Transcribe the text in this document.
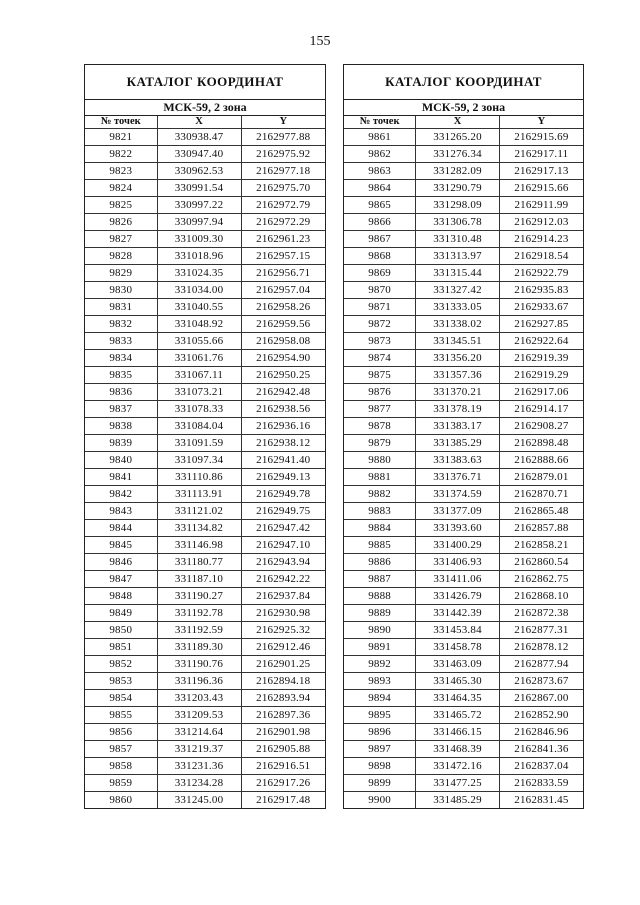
155
КАТАЛОГ КООРДИНАТ
МСК-59, 2 зона
№ точек	X	Y
9821	330938.47	2162977.88
9822	330947.40	2162975.92
9823	330962.53	2162977.18
9824	330991.54	2162975.70
9825	330997.22	2162972.79
9826	330997.94	2162972.29
9827	331009.30	2162961.23
9828	331018.96	2162957.15
9829	331024.35	2162956.71
9830	331034.00	2162957.04
9831	331040.55	2162958.26
9832	331048.92	2162959.56
9833	331055.66	2162958.08
9834	331061.76	2162954.90
9835	331067.11	2162950.25
9836	331073.21	2162942.48
9837	331078.33	2162938.56
9838	331084.04	2162936.16
9839	331091.59	2162938.12
9840	331097.34	2162941.40
9841	331110.86	2162949.13
9842	331113.91	2162949.78
9843	331121.02	2162949.75
9844	331134.82	2162947.42
9845	331146.98	2162947.10
9846	331180.77	2162943.94
9847	331187.10	2162942.22
9848	331190.27	2162937.84
9849	331192.78	2162930.98
9850	331192.59	2162925.32
9851	331189.30	2162912.46
9852	331190.76	2162901.25
9853	331196.36	2162894.18
9854	331203.43	2162893.94
9855	331209.53	2162897.36
9856	331214.64	2162901.98
9857	331219.37	2162905.88
9858	331231.36	2162916.51
9859	331234.28	2162917.26
9860	331245.00	2162917.48
КАТАЛОГ КООРДИНАТ
МСК-59, 2 зона
№ точек	X	Y
9861	331265.20	2162915.69
9862	331276.34	2162917.11
9863	331282.09	2162917.13
9864	331290.79	2162915.66
9865	331298.09	2162911.99
9866	331306.78	2162912.03
9867	331310.48	2162914.23
9868	331313.97	2162918.54
9869	331315.44	2162922.79
9870	331327.42	2162935.83
9871	331333.05	2162933.67
9872	331338.02	2162927.85
9873	331345.51	2162922.64
9874	331356.20	2162919.39
9875	331357.36	2162919.29
9876	331370.21	2162917.06
9877	331378.19	2162914.17
9878	331383.17	2162908.27
9879	331385.29	2162898.48
9880	331383.63	2162888.66
9881	331376.71	2162879.01
9882	331374.59	2162870.71
9883	331377.09	2162865.48
9884	331393.60	2162857.88
9885	331400.29	2162858.21
9886	331406.93	2162860.54
9887	331411.06	2162862.75
9888	331426.79	2162868.10
9889	331442.39	2162872.38
9890	331453.84	2162877.31
9891	331458.78	2162878.12
9892	331463.09	2162877.94
9893	331465.30	2162873.67
9894	331464.35	2162867.00
9895	331465.72	2162852.90
9896	331466.15	2162846.96
9897	331468.39	2162841.36
9898	331472.16	2162837.04
9899	331477.25	2162833.59
9900	331485.29	2162831.45
